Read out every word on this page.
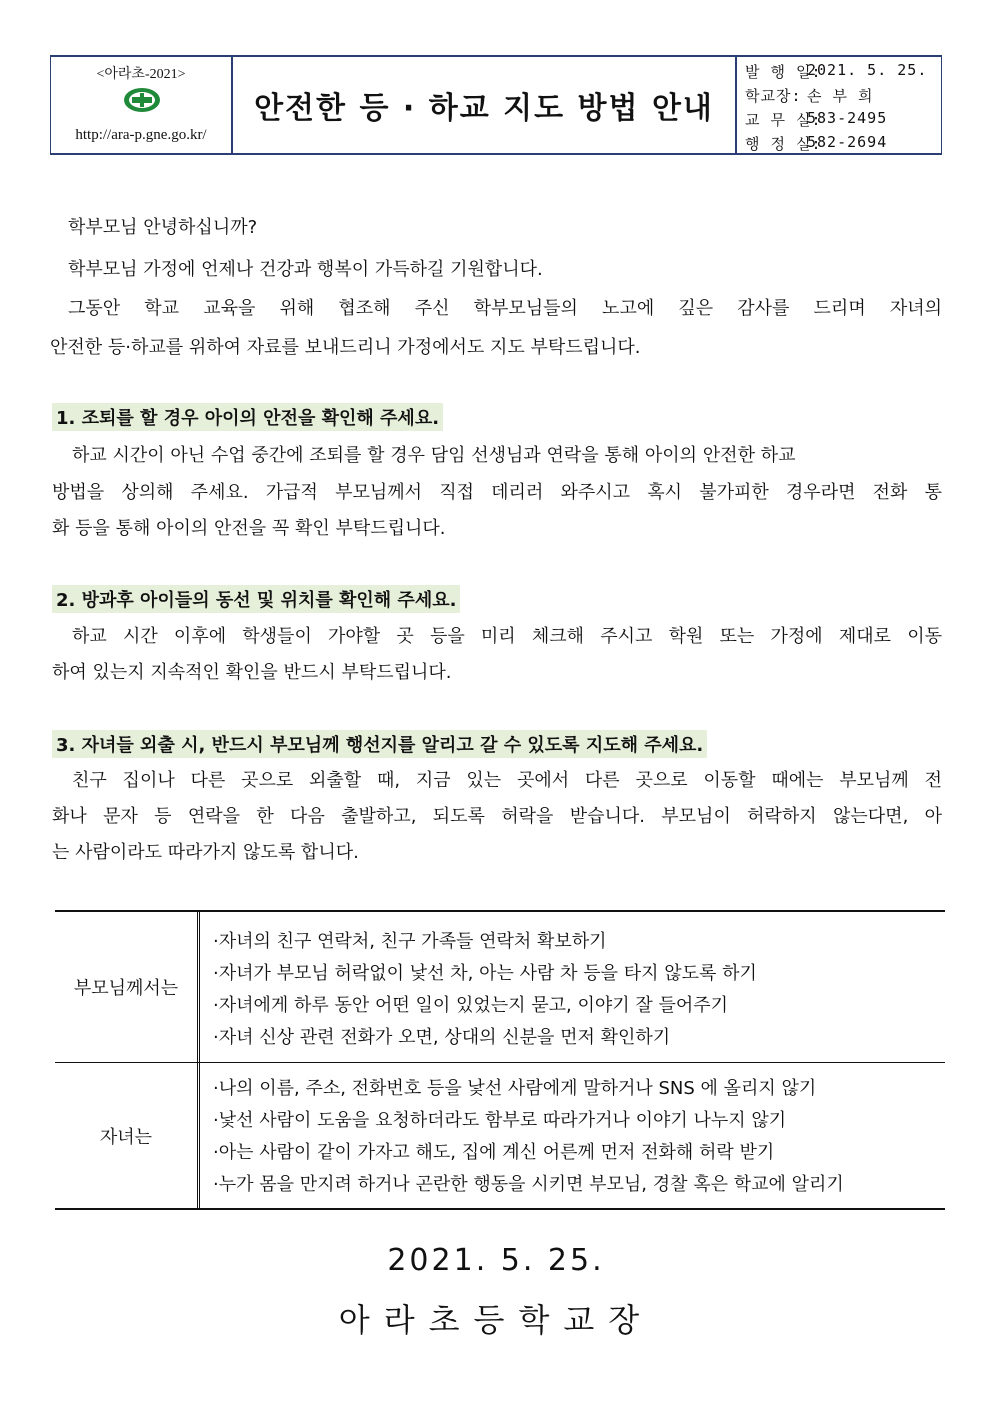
<아라초-2021>
http://ara-p.gne.go.kr/
안전한 등 · 하교 지도 방법 안내
발 행 일:
2021. 5. 25.
학교장: 손 부 희
교 무 실:
583-2495
행 정 실:
582-2694
학부모님 안녕하십니까?
학부모님 가정에 언제나 건강과 행복이 가득하길 기원합니다.
그동안 학교 교육을 위해 협조해 주신 학부모님들의 노고에 깊은 감사를 드리며 자녀의
안전한 등·하교를 위하여 자료를 보내드리니 가정에서도 지도 부탁드립니다.
1. 조퇴를 할 경우 아이의 안전을 확인해 주세요.
하교 시간이 아닌 수업 중간에 조퇴를 할 경우 담임 선생님과 연락을 통해 아이의 안전한 하교
방법을 상의해 주세요. 가급적 부모님께서 직접 데리러 와주시고 혹시 불가피한 경우라면 전화 통
화 등을 통해 아이의 안전을 꼭 확인 부탁드립니다.
2. 방과후 아이들의 동선 및 위치를 확인해 주세요.
하교 시간 이후에 학생들이 가야할 곳 등을 미리 체크해 주시고 학원 또는 가정에 제대로 이동
하여 있는지 지속적인 확인을 반드시 부탁드립니다.
3. 자녀들 외출 시, 반드시 부모님께 행선지를 알리고 갈 수 있도록 지도해 주세요.
친구 집이나 다른 곳으로 외출할 때, 지금 있는 곳에서 다른 곳으로 이동할 때에는 부모님께 전
화나 문자 등 연락을 한 다음 출발하고, 되도록 허락을 받습니다. 부모님이 허락하지 않는다면, 아
는 사람이라도 따라가지 않도록 합니다.
부모님께서는
·자녀의 친구 연락처, 친구 가족들 연락처 확보하기
·자녀가 부모님 허락없이 낯선 차, 아는 사람 차 등을 타지 않도록 하기
·자녀에게 하루 동안 어떤 일이 있었는지 묻고, 이야기 잘 들어주기
·자녀 신상 관련 전화가 오면, 상대의 신분을 먼저 확인하기
자녀는
·나의 이름, 주소, 전화번호 등을 낯선 사람에게 말하거나 SNS 에 올리지 않기
·낯선 사람이 도움을 요청하더라도 함부로 따라가거나 이야기 나누지 않기
·아는 사람이 같이 가자고 해도, 집에 계신 어른께 먼저 전화해 허락 받기
·누가 몸을 만지려 하거나 곤란한 행동을 시키면 부모님, 경찰 혹은 학교에 알리기
2021. 5. 25.
아라초등학교장
